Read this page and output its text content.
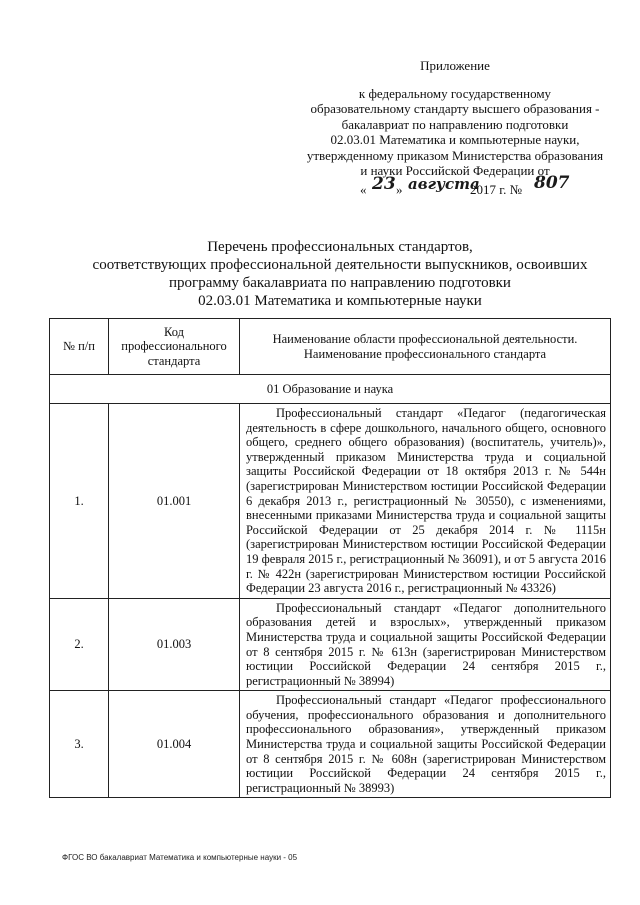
Приложение
к федеральному государственному
образовательному стандарту высшего образования -
бакалавриат по направлению подготовки
02.03.01 Математика и компьютерные науки,
утвержденному приказом Министерства образования
и науки Российской Федерации от
« 23 » августа
2017 г. № 807
Перечень профессиональных стандартов,
соответствующих профессиональной деятельности выпускников, освоивших
программу бакалавриата по направлению подготовки
02.03.01 Математика и компьютерные науки
№ п/п	Код профессионального стандарта	Наименование области профессиональной деятельности. Наименование профессионального стандарта
01 Образование и наука		
1.	01.001	Профессиональный стандарт «Педагог (педагогическая деятельность в сфере дошкольного, начального общего, основного общего, среднего общего образования) (воспитатель, учитель)», утвержденный приказом Министерства труда и социальной защиты Российской Федерации от 18 октября 2013 г. № 544н (зарегистрирован Министерством юстиции Российской Федерации 6 декабря 2013 г., регистрационный № 30550), с изменениями, внесенными приказами Министерства труда и социальной защиты Российской Федерации от 25 декабря 2014 г. № 1115н (зарегистрирован Министерством юстиции Российской Федерации 19 февраля 2015 г., регистрационный № 36091), и от 5 августа 2016 г. № 422н (зарегистрирован Министерством юстиции Российской Федерации 23 августа 2016 г., регистрационный № 43326)
2.	01.003	Профессиональный стандарт «Педагог дополнительного образования детей и взрослых», утвержденный приказом Министерства труда и социальной защиты Российской Федерации от 8 сентября 2015 г. № 613н (зарегистрирован Министерством юстиции Российской Федерации 24 сентября 2015 г., регистрационный № 38994)
3.	01.004	Профессиональный стандарт «Педагог профессионального обучения, профессионального образования и дополнительного профессионального образования», утвержденный приказом Министерства труда и социальной защиты Российской Федерации от 8 сентября 2015 г. № 608н (зарегистрирован Министерством юстиции Российской Федерации 24 сентября 2015 г., регистрационный № 38993)
ФГОС ВО бакалавриат Математика и компьютерные науки - 05
